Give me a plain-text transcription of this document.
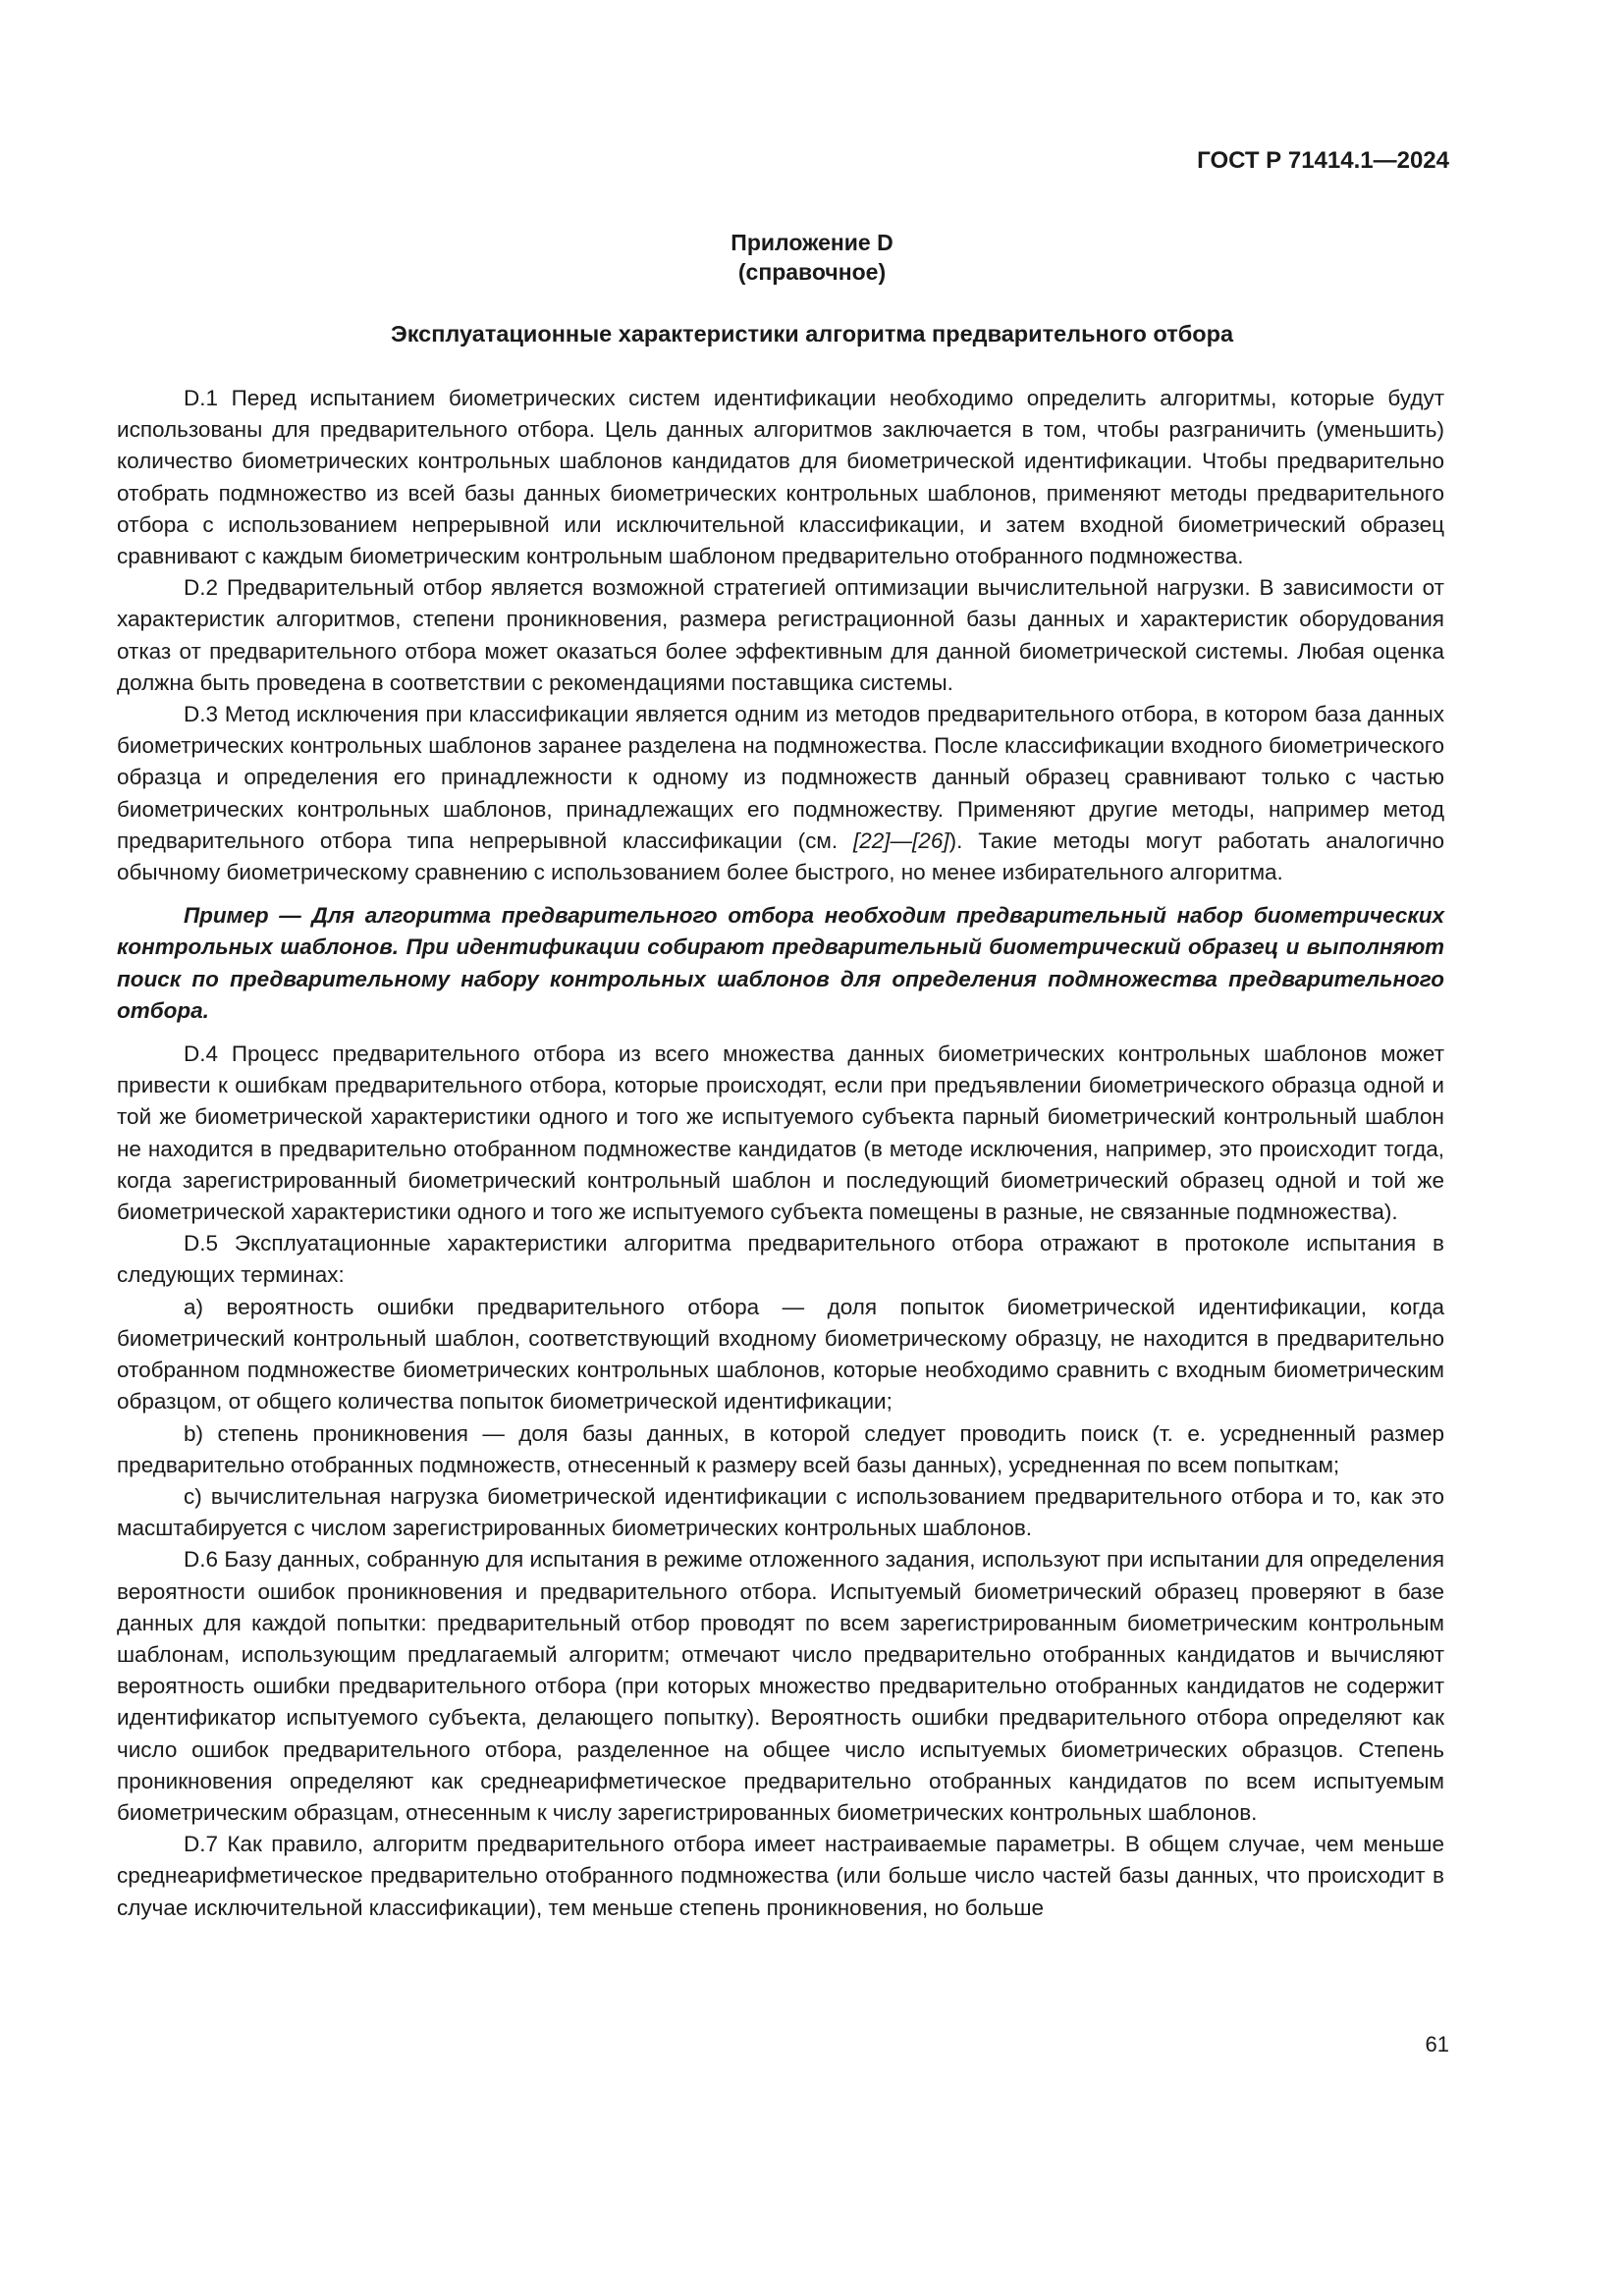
ГОСТ Р 71414.1—2024
Приложение D
(справочное)
Эксплуатационные характеристики алгоритма предварительного отбора

D.1 Перед испытанием биометрических систем идентификации необходимо определить алгоритмы, которые будут использованы для предварительного отбора. Цель данных алгоритмов заключается в том, чтобы разграничить (уменьшить) количество биометрических контрольных шаблонов кандидатов для биометрической идентификации. Чтобы предварительно отобрать подмножество из всей базы данных биометрических контрольных шаблонов, применяют методы предварительного отбора с использованием непрерывной или исключительной классификации, и затем входной биометрический образец сравнивают с каждым биометрическим контрольным шаблоном предварительно отобранного подмножества.

D.2 Предварительный отбор является возможной стратегией оптимизации вычислительной нагрузки. В зависимости от характеристик алгоритмов, степени проникновения, размера регистрационной базы данных и характеристик оборудования отказ от предварительного отбора может оказаться более эффективным для данной биометрической системы. Любая оценка должна быть проведена в соответствии с рекомендациями поставщика системы.

D.3 Метод исключения при классификации является одним из методов предварительного отбора, в котором база данных биометрических контрольных шаблонов заранее разделена на подмножества. После классификации входного биометрического образца и определения его принадлежности к одному из подмножеств данный образец сравнивают только с частью биометрических контрольных шаблонов, принадлежащих его подмножеству. Применяют другие методы, например метод предварительного отбора типа непрерывной классификации (см. [22]—[26]). Такие методы могут работать аналогично обычному биометрическому сравнению с использованием более быстрого, но менее избирательного алгоритма.

Пример — Для алгоритма предварительного отбора необходим предварительный набор биометрических контрольных шаблонов. При идентификации собирают предварительный биометрический образец и выполняют поиск по предварительному набору контрольных шаблонов для определения подмножества предварительного отбора.

D.4 Процесс предварительного отбора из всего множества данных биометрических контрольных шаблонов может привести к ошибкам предварительного отбора, которые происходят, если при предъявлении биометрического образца одной и той же биометрической характеристики одного и того же испытуемого субъекта парный биометрический контрольный шаблон не находится в предварительно отобранном подмножестве кандидатов (в методе исключения, например, это происходит тогда, когда зарегистрированный биометрический контрольный шаблон и последующий биометрический образец одной и той же биометрической характеристики одного и того же испытуемого субъекта помещены в разные, не связанные подмножества).

D.5 Эксплуатационные характеристики алгоритма предварительного отбора отражают в протоколе испытания в следующих терминах:

a) вероятность ошибки предварительного отбора — доля попыток биометрической идентификации, когда биометрический контрольный шаблон, соответствующий входному биометрическому образцу, не находится в предварительно отобранном подмножестве биометрических контрольных шаблонов, которые необходимо сравнить с входным биометрическим образцом, от общего количества попыток биометрической идентификации;

b) степень проникновения — доля базы данных, в которой следует проводить поиск (т. е. усредненный размер предварительно отобранных подмножеств, отнесенный к размеру всей базы данных), усредненная по всем попыткам;

c) вычислительная нагрузка биометрической идентификации с использованием предварительного отбора и то, как это масштабируется с числом зарегистрированных биометрических контрольных шаблонов.

D.6 Базу данных, собранную для испытания в режиме отложенного задания, используют при испытании для определения вероятности ошибок проникновения и предварительного отбора. Испытуемый биометрический образец проверяют в базе данных для каждой попытки: предварительный отбор проводят по всем зарегистрированным биометрическим контрольным шаблонам, использующим предлагаемый алгоритм; отмечают число предварительно отобранных кандидатов и вычисляют вероятность ошибки предварительного отбора (при которых множество предварительно отобранных кандидатов не содержит идентификатор испытуемого субъекта, делающего попытку). Вероятность ошибки предварительного отбора определяют как число ошибок предварительного отбора, разделенное на общее число испытуемых биометрических образцов. Степень проникновения определяют как среднеарифметическое предварительно отобранных кандидатов по всем испытуемым биометрическим образцам, отнесенным к числу зарегистрированных биометрических контрольных шаблонов.

D.7 Как правило, алгоритм предварительного отбора имеет настраиваемые параметры. В общем случае, чем меньше среднеарифметическое предварительно отобранного подмножества (или больше число частей базы данных, что происходит в случае исключительной классификации), тем меньше степень проникновения, но больше

61
